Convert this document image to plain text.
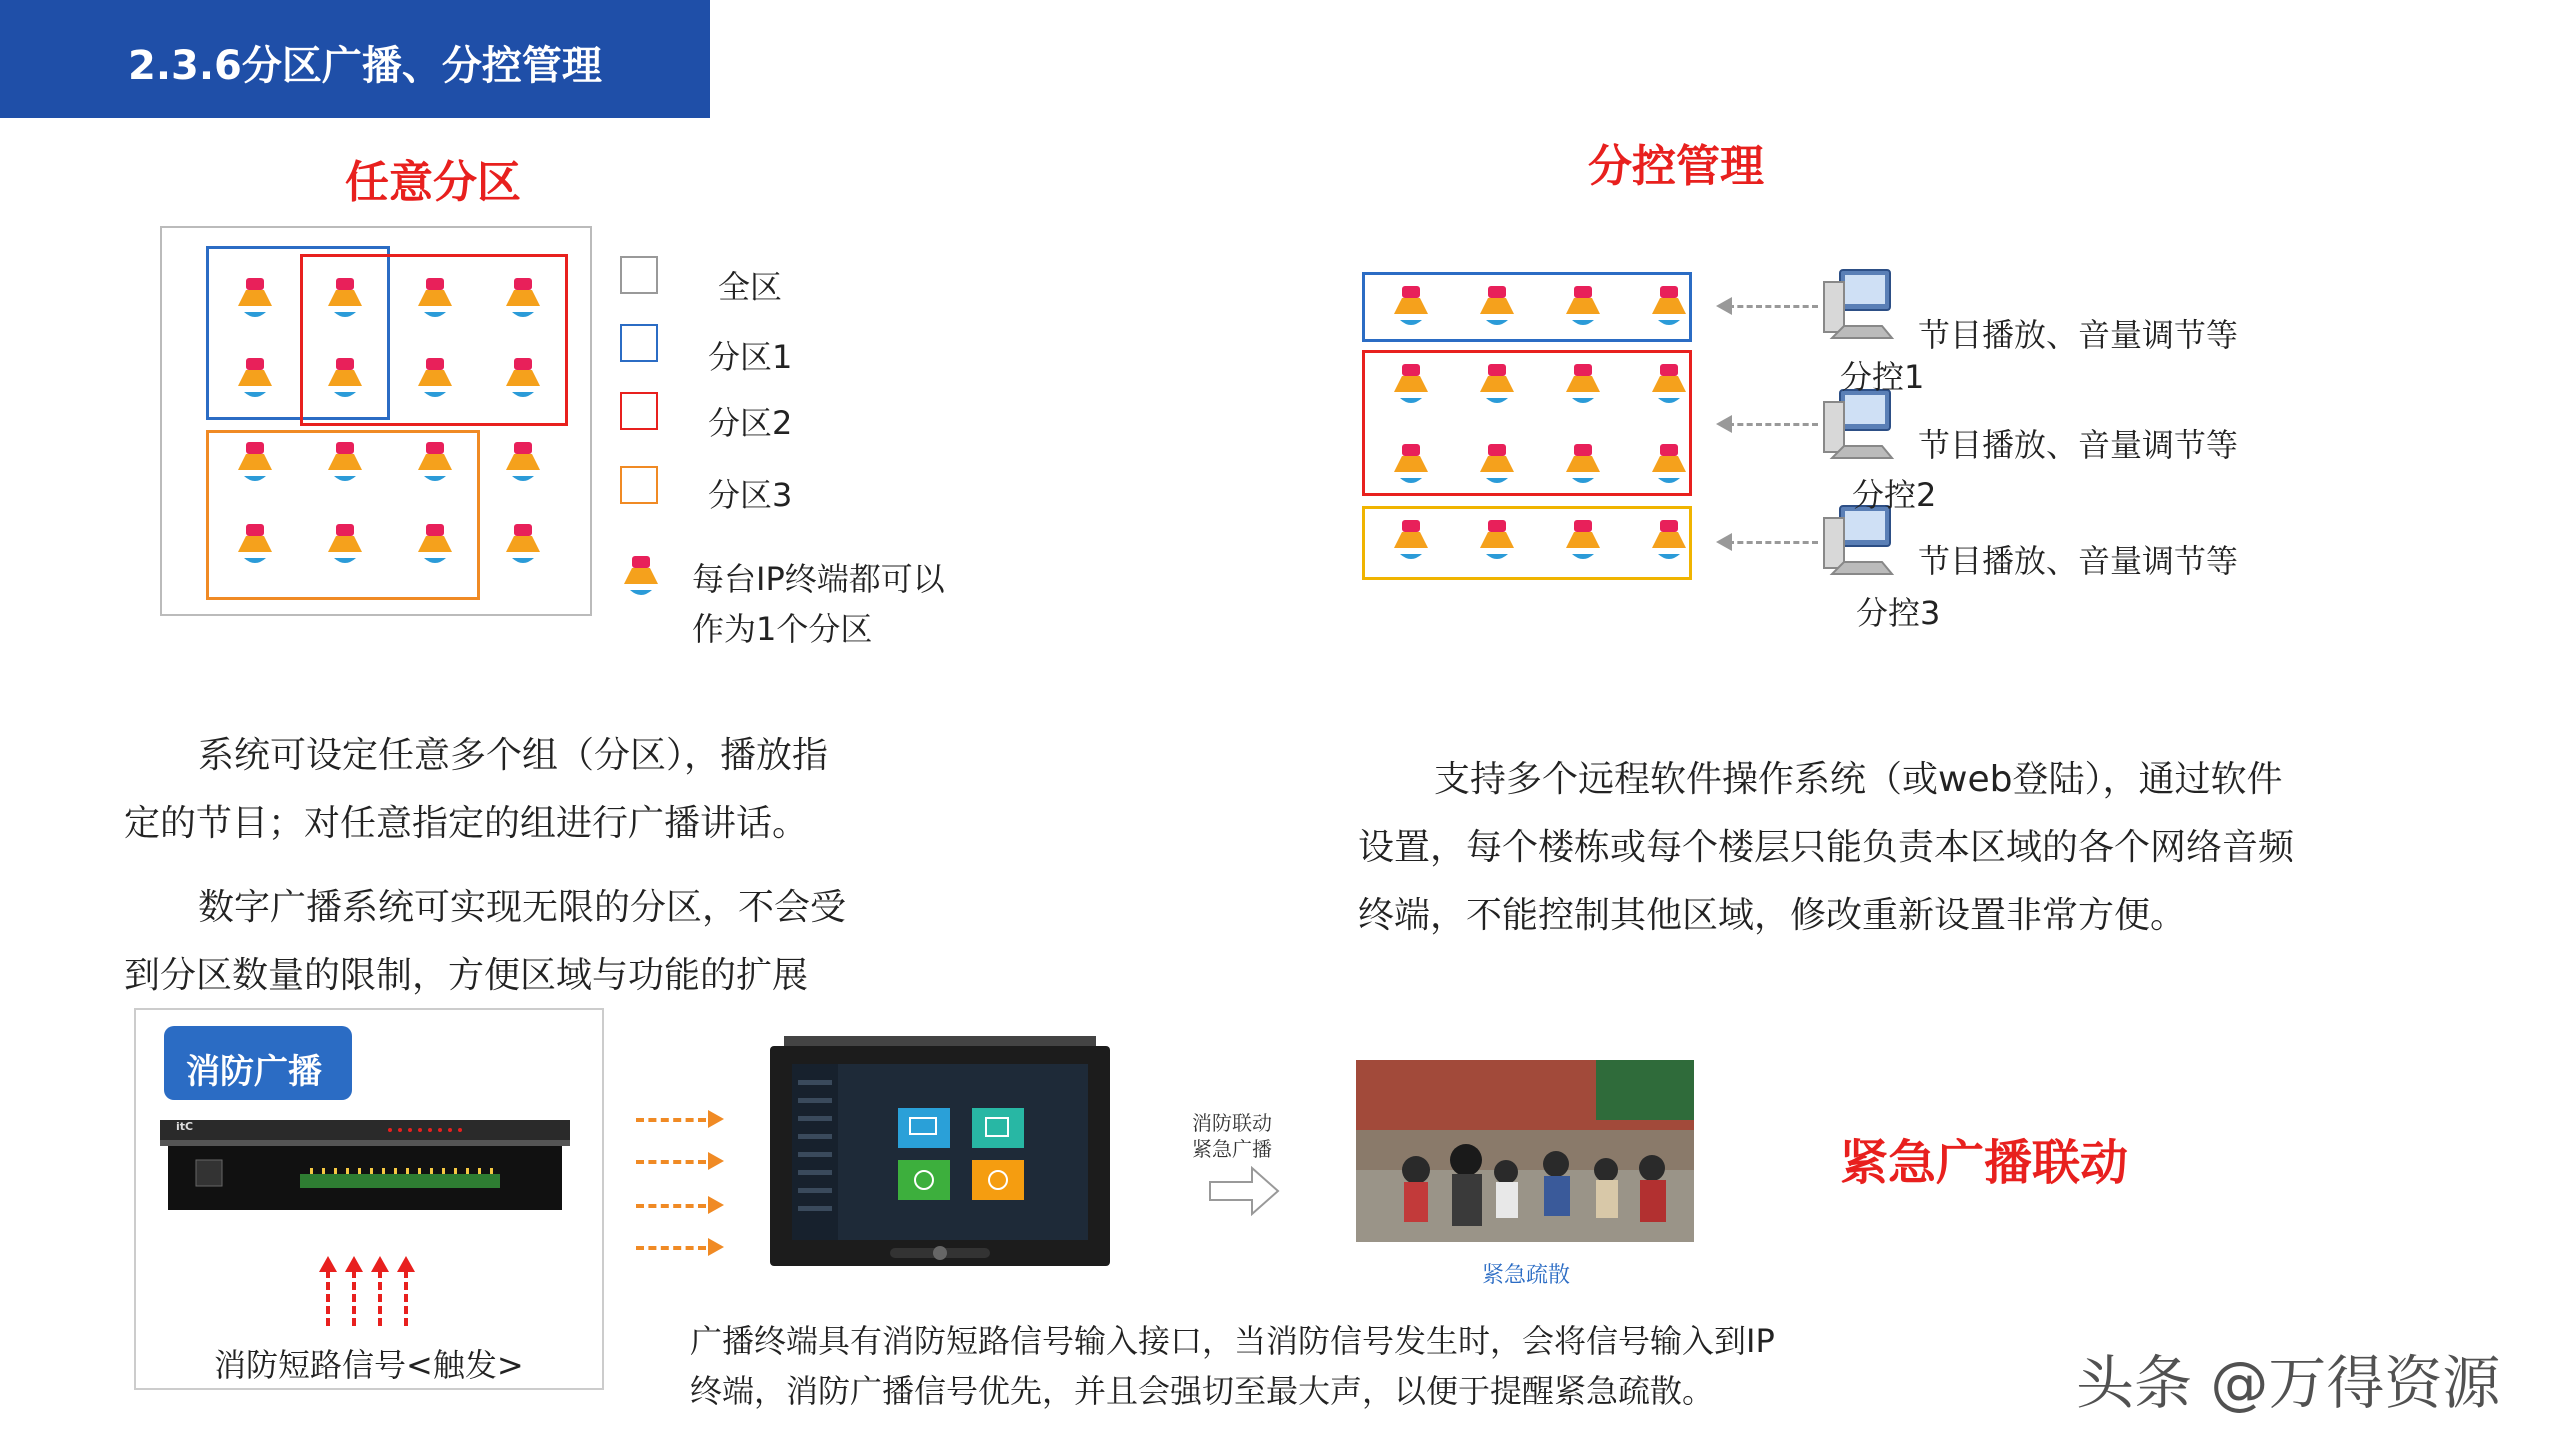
2.3.6分区广播、分控管理
任意分区
全区
分区1
分区2
分区3
每台IP终端都可以
作为1个分区
系统可设定任意多个组（分区），播放指
定的节目；对任意指定的组进行广播讲话。
数字广播系统可实现无限的分区，不会受
到分区数量的限制，方便区域与功能的扩展
分控管理
节目播放、音量调节等
分控1
节目播放、音量调节等
分控2
节目播放、音量调节等
分控3
支持多个远程软件操作系统（或web登陆），通过软件
设置，每个楼栋或每个楼层只能负责本区域的各个网络音频
终端，不能控制其他区域，修改重新设置非常方便。
消防广播
itC
消防短路信号<触发>
消防联动
紧急广播
紧急疏散
紧急广播联动
广播终端具有消防短路信号输入接口，当消防信号发生时，会将信号输入到IP
终端，消防广播信号优先，并且会强切至最大声，以便于提醒紧急疏散。	头条 @万得资源
